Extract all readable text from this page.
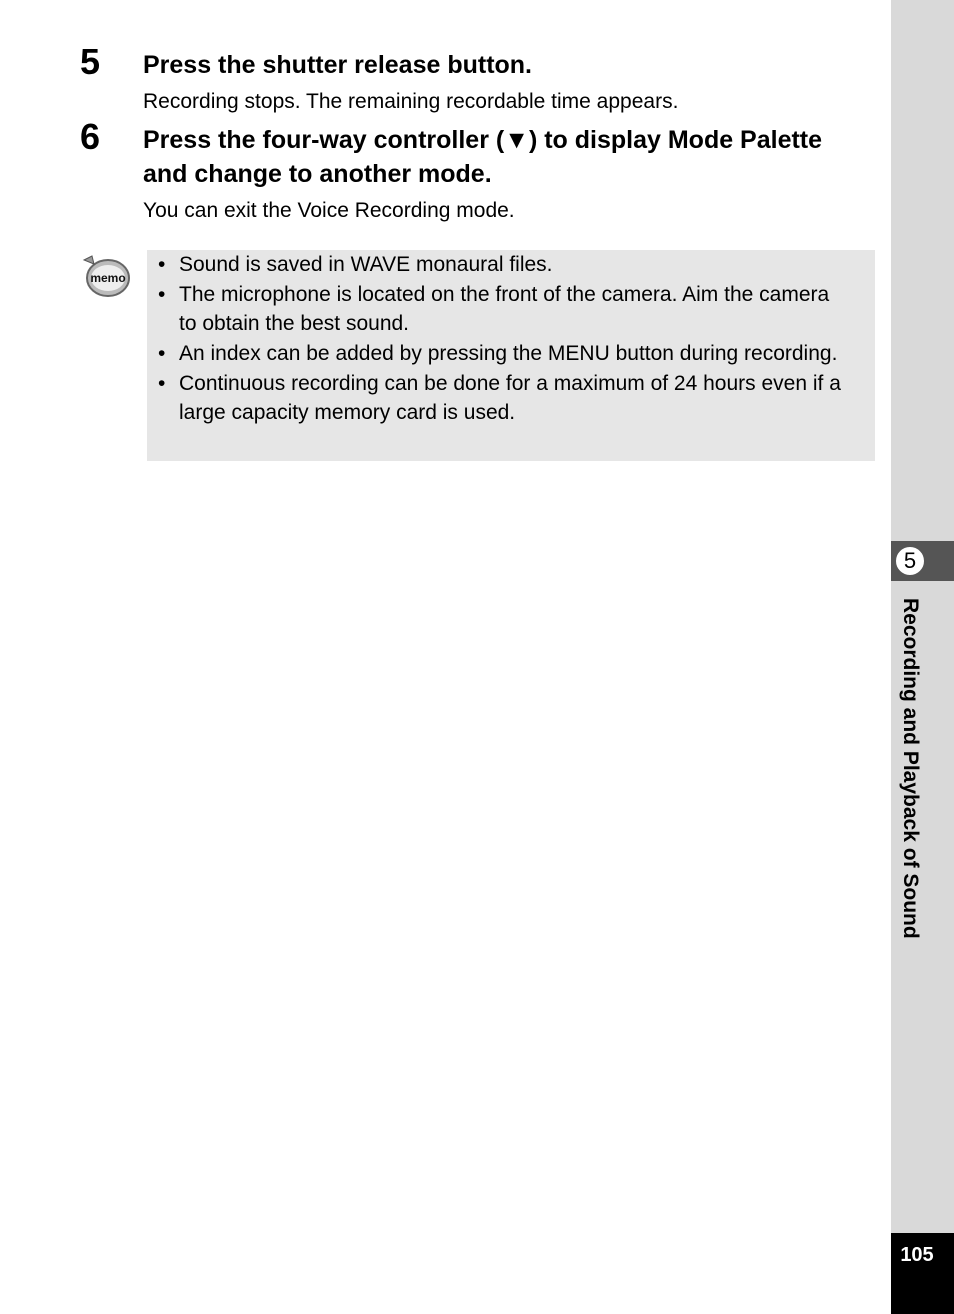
5 Press the shutter release button.
Recording stops. The remaining recordable time appears.
6 Press the four-way controller (▼) to display Mode Palette and change to another mode.
You can exit the Voice Recording mode.
memo
• Sound is saved in WAVE monaural files.
• The microphone is located on the front of the camera. Aim the camera to obtain the best sound.
• An index can be added by pressing the MENU button during recording.
• Continuous recording can be done for a maximum of 24 hours even if a large capacity memory card is used.
5
Recording and Playback of Sound
105
